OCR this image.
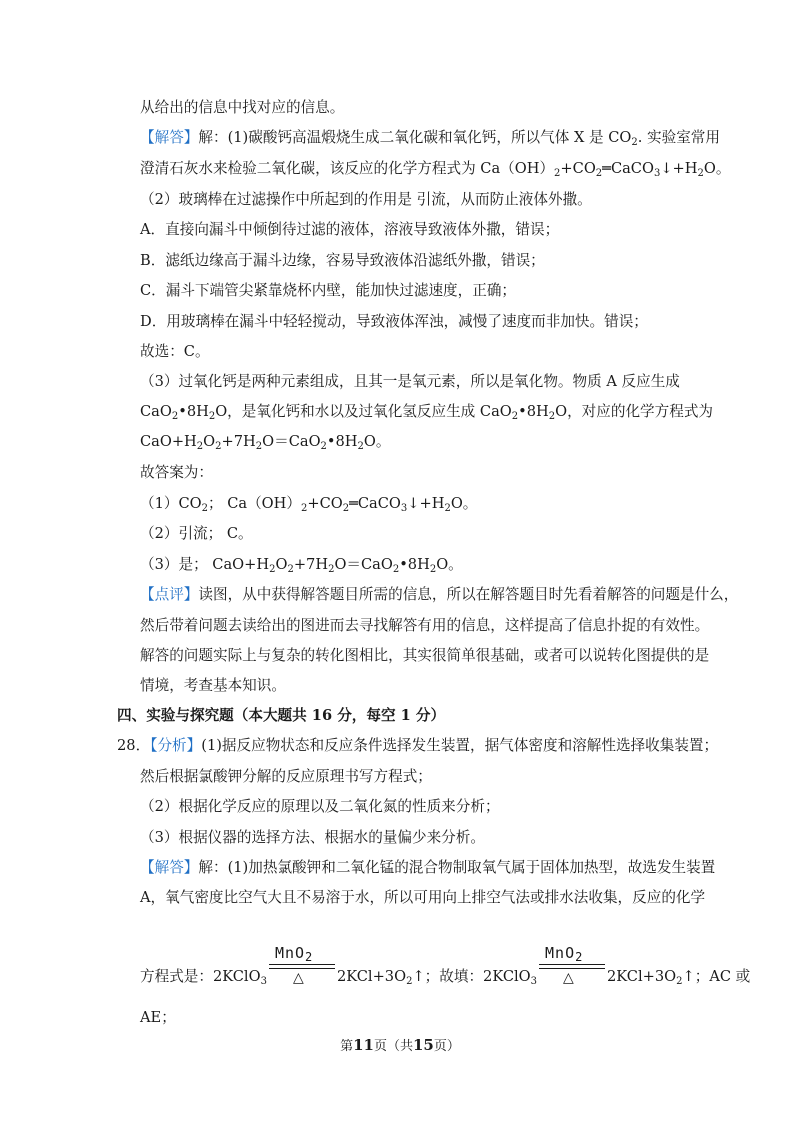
从给出的信息中找对应的信息。
【解答】解：(1)碳酸钙高温煅烧生成二氧化碳和氧化钙，所以气体 X 是 $CO_2$. 实验室常用
澄清石灰水来检验二氧化碳，该反应的化学方程式为 $Ca(OH)_2+CO_2═CaCO_3↓+H_2O$。
（2）玻璃棒在过滤操作中所起到的作用是 引流，从而防止液体外撒。
A．直接向漏斗中倾倒待过滤的液体，溶液导致液体外撒，错误；
B．滤纸边缘高于漏斗边缘，容易导致液体沿滤纸外撒，错误；
C．漏斗下端管尖紧靠烧杯内壁，能加快过滤速度，正确；
D．用玻璃棒在漏斗中轻轻搅动，导致液体浑浊，减慢了速度而非加快。错误；
故选：C。
（3）过氧化钙是两种元素组成，且其一是氧元素，所以是氧化物。物质 A 反应生成
$CaO_2•8H_2O$，是氧化钙和水以及过氧化氢反应生成 $CaO_2•8H_2O$，对应的化学方程式为
$CaO+H_2O_2+7H_2O=CaO_2•8H_2O$。
故答案为：
$(1)CO_2$； $Ca(OH)_2+CO_2═CaCO_3↓+H_2O$。
（2）引流； C。
（3）是； $CaO+H_2O_2+7H_2O=CaO_2•8H_2O$。
【点评】读图，从中获得解答题目所需的信息，所以在解答题目时先看着解答的问题是什么，
然后带着问题去读给出的图进而去寻找解答有用的信息，这样提高了信息扑捉的有效性。
解答的问题实际上与复杂的转化图相比，其实很简单很基础，或者可以说转化图提供的是
情境，考查基本知识。
四、实验与探究题（本大题共 16 分，每空 1 分）
28．【分析】(1)据反应物状态和反应条件选择发生装置，据气体密度和溶解性选择收集装置；
然后根据氯酸钾分解的反应原理书写方程式；
（2）根据化学反应的原理以及二氧化氮的性质来分析；
（3）根据仪器的选择方法、根据水的量偏少来分析。
【解答】解：(1)加热氯酸钾和二氧化锰的混合物制取氧气属于固体加热型，故选发生装置
A，氧气密度比空气大且不易溶于水，所以可用向上排空气法或排水法收集，反应的化学
方程式是：2KClO$_3$
MnO$_2$
△ $2KCl+3O_2↑$；故填：2KClO$_3$
MnO$_2$
△ $2KCl+3O_2↑$；AC 或
AE；
第11页（共15页）
